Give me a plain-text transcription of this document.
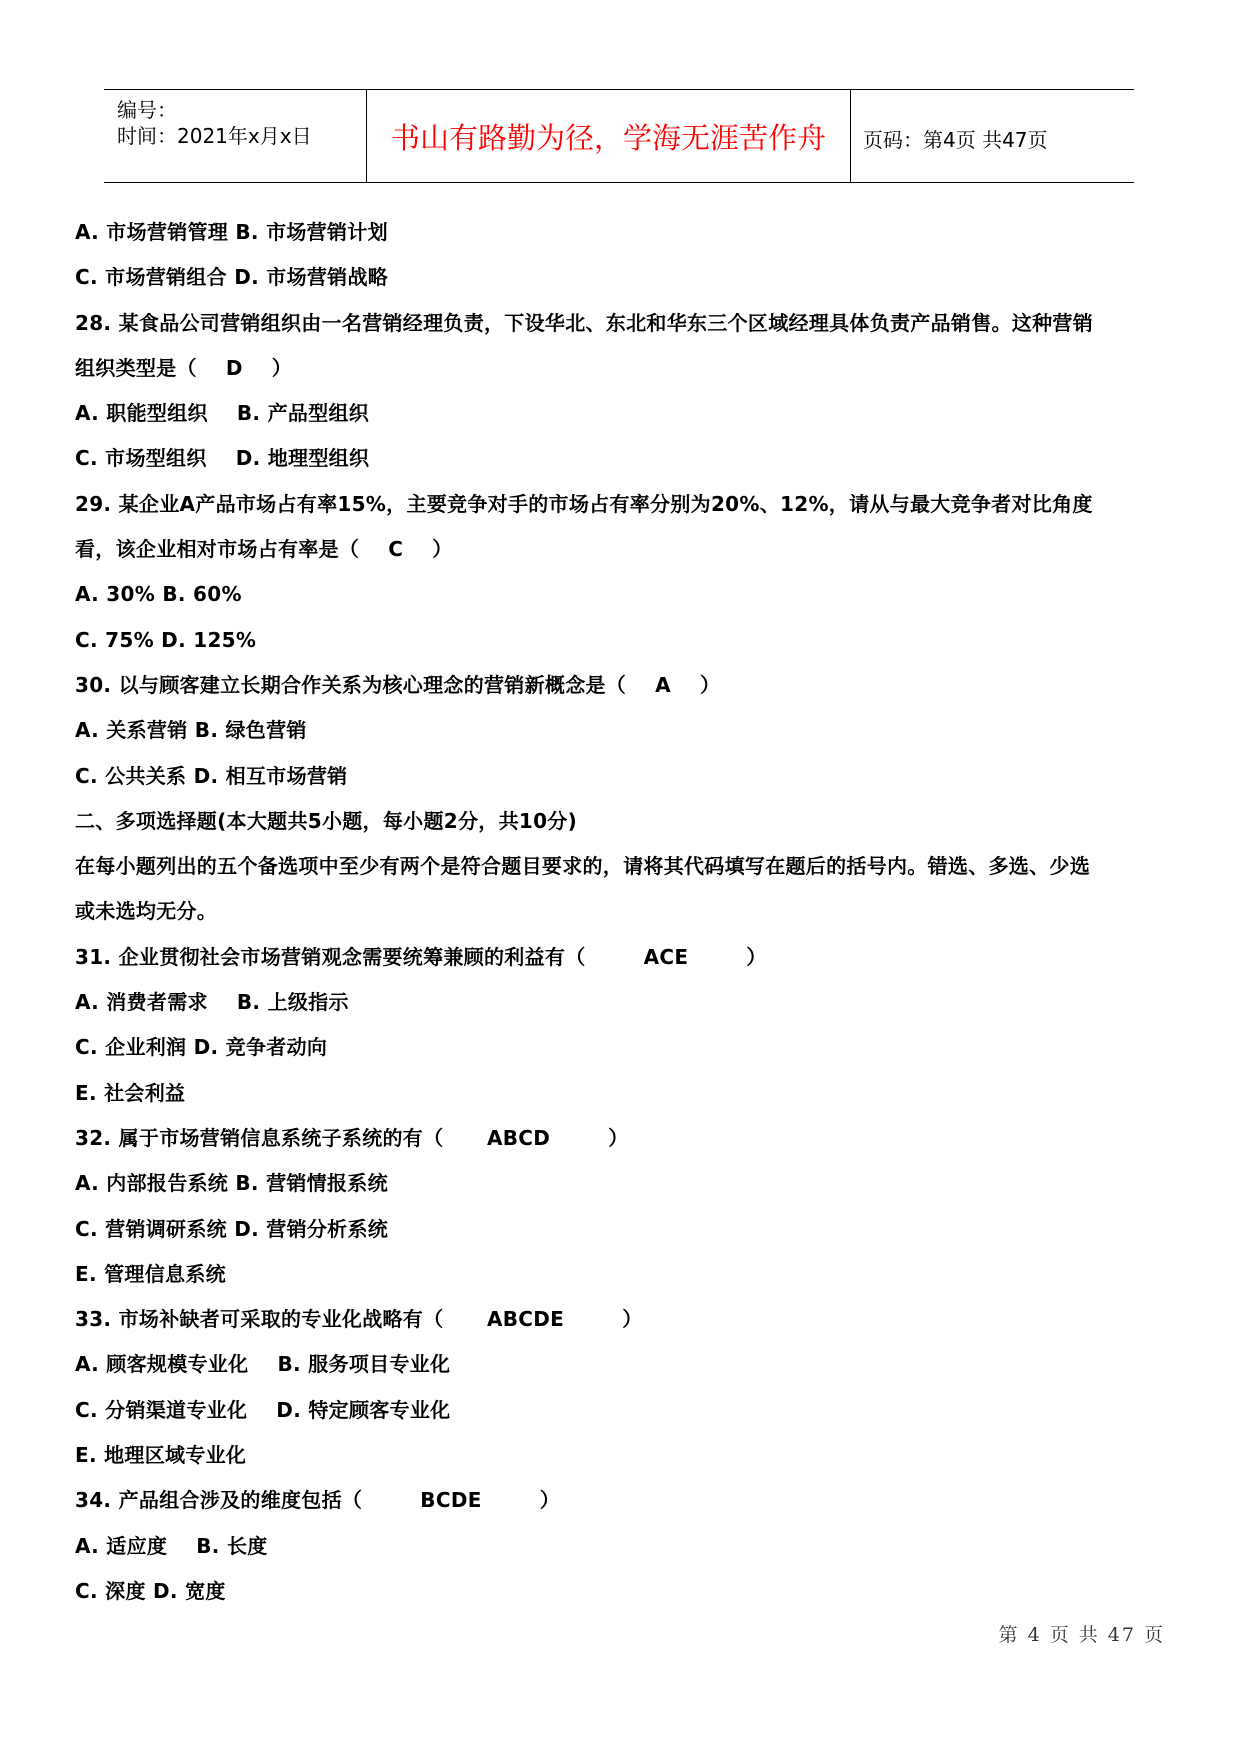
编号：
时间：2021年x月x日	书山有路勤为径，学海无涯苦作舟	页码：第4页 共47页
A. 市场营销管理 B. 市场营销计划
C. 市场营销组合 D. 市场营销战略
28. 某食品公司营销组织由一名营销经理负责，下设华北、东北和华东三个区域经理具体负责产品销售。这种营销
组织类型是（    D    ）
A. 职能型组织    B. 产品型组织
C. 市场型组织    D. 地理型组织
29. 某企业A产品市场占有率15%，主要竞争对手的市场占有率分别为20%、12%，请从与最大竞争者对比角度
看，该企业相对市场占有率是（    C    ）
A. 30% B. 60%
C. 75% D. 125%
30. 以与顾客建立长期合作关系为核心理念的营销新概念是（    A    ）
A. 关系营销 B. 绿色营销
C. 公共关系 D. 相互市场营销
二、多项选择题(本大题共5小题，每小题2分，共10分)
在每小题列出的五个备选项中至少有两个是符合题目要求的，请将其代码填写在题后的括号内。错选、多选、少选
或未选均无分。
31. 企业贯彻社会市场营销观念需要统筹兼顾的利益有（        ACE        ）
A. 消费者需求    B. 上级指示
C. 企业利润 D. 竞争者动向
E. 社会利益
32. 属于市场营销信息系统子系统的有（      ABCD        ）
A. 内部报告系统 B. 营销情报系统
C. 营销调研系统 D. 营销分析系统
E. 管理信息系统
33. 市场补缺者可采取的专业化战略有（      ABCDE        ）
A. 顾客规模专业化    B. 服务项目专业化
C. 分销渠道专业化    D. 特定顾客专业化
E. 地理区域专业化
34. 产品组合涉及的维度包括（        BCDE        ）
A. 适应度    B. 长度
C. 深度 D. 宽度
第 4 页 共 47 页
